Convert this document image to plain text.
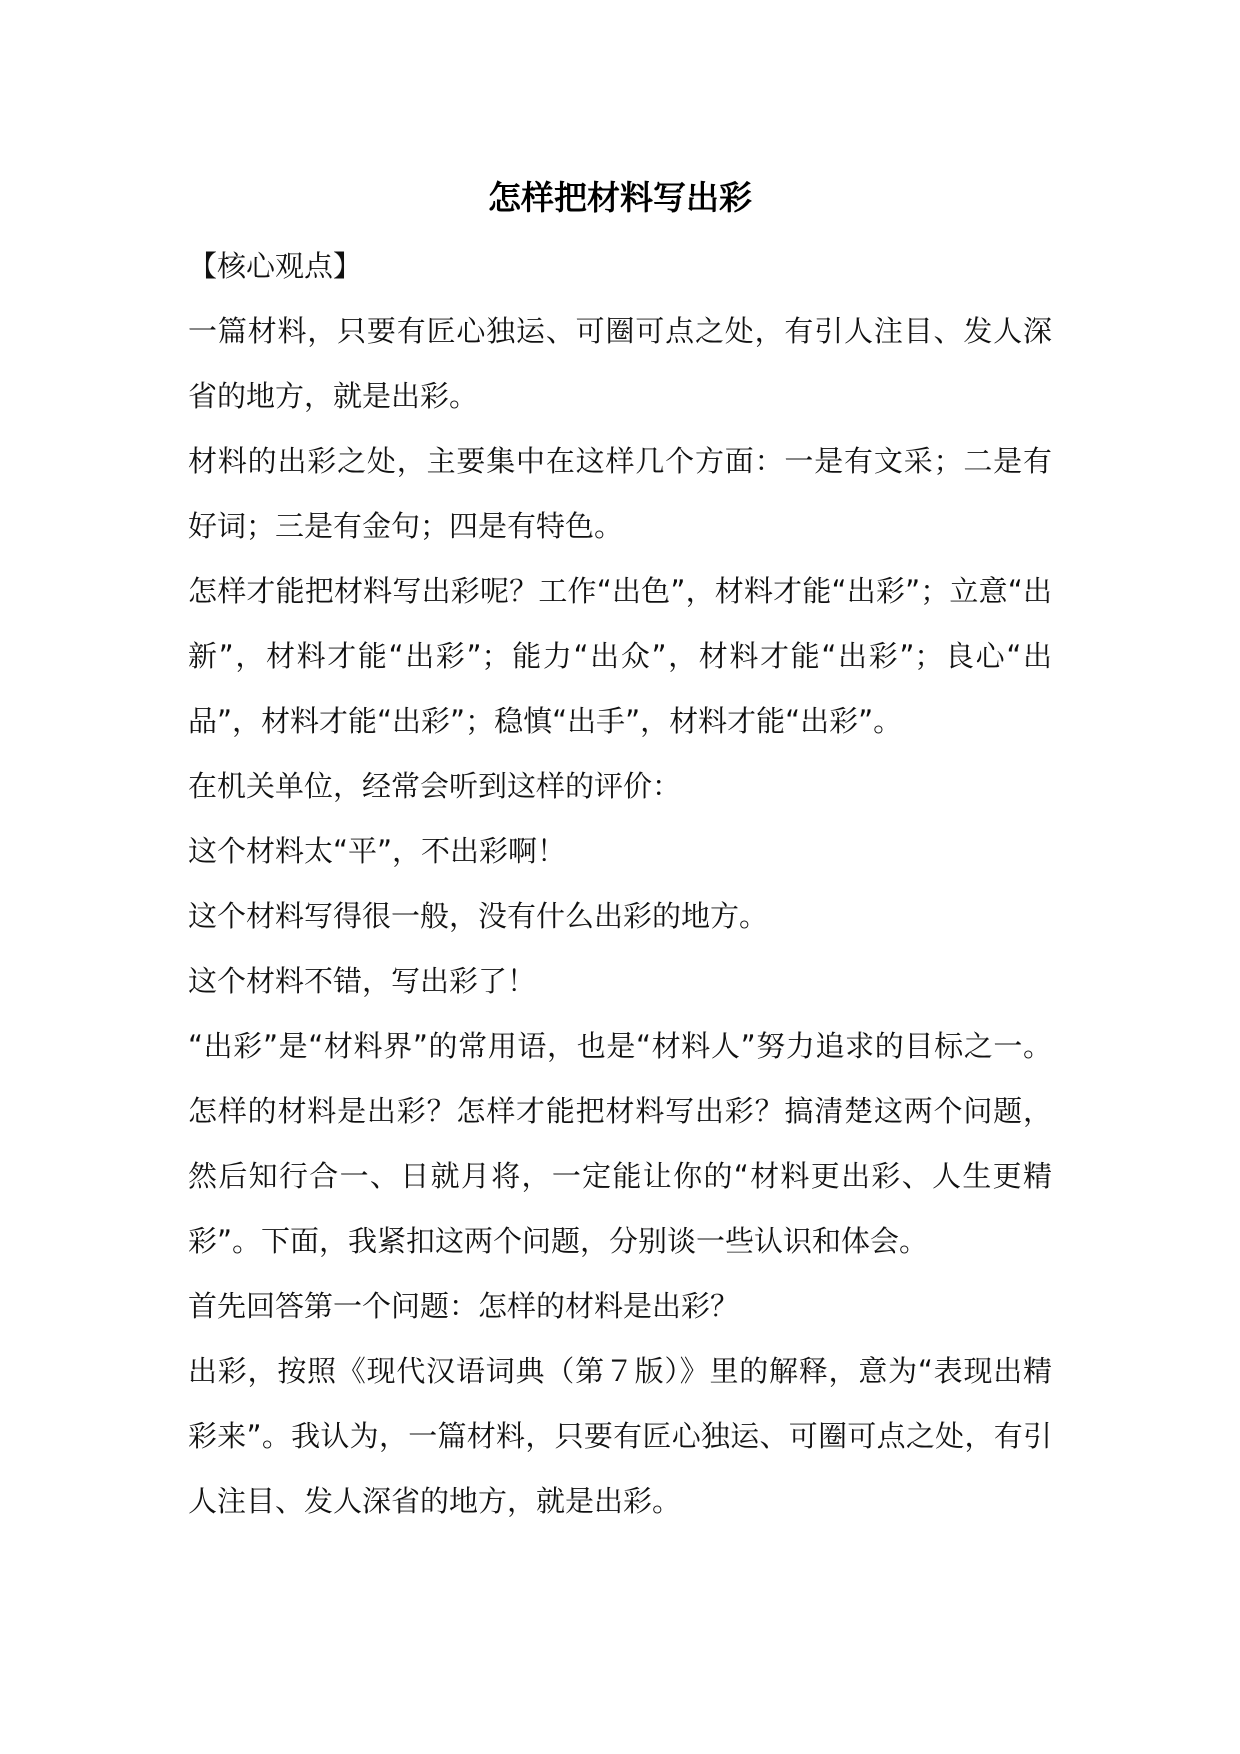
怎样把材料写出彩

【核心观点】

一篇材料，只要有匠心独运、可圈可点之处，有引人注目、发人深省的地方，就是出彩。

材料的出彩之处，主要集中在这样几个方面：一是有文采；二是有好词；三是有金句；四是有特色。

怎样才能把材料写出彩呢？工作“出色”，材料才能“出彩”；立意“出新”，材料才能“出彩”；能力“出众”，材料才能“出彩”；良心“出品”，材料才能“出彩”；稳慎“出手”，材料才能“出彩”。

在机关单位，经常会听到这样的评价：

这个材料太“平”，不出彩啊！

这个材料写得很一般，没有什么出彩的地方。

这个材料不错，写出彩了！

“出彩”是“材料界”的常用语，也是“材料人”努力追求的目标之一。怎样的材料是出彩？怎样才能把材料写出彩？搞清楚这两个问题，然后知行合一、日就月将，一定能让你的“材料更出彩、人生更精彩”。下面，我紧扣这两个问题，分别谈一些认识和体会。

首先回答第一个问题：怎样的材料是出彩？

出彩，按照《现代汉语词典（第７版）》里的解释，意为“表现出精彩来”。我认为，一篇材料，只要有匠心独运、可圈可点之处，有引人注目、发人深省的地方，就是出彩。
